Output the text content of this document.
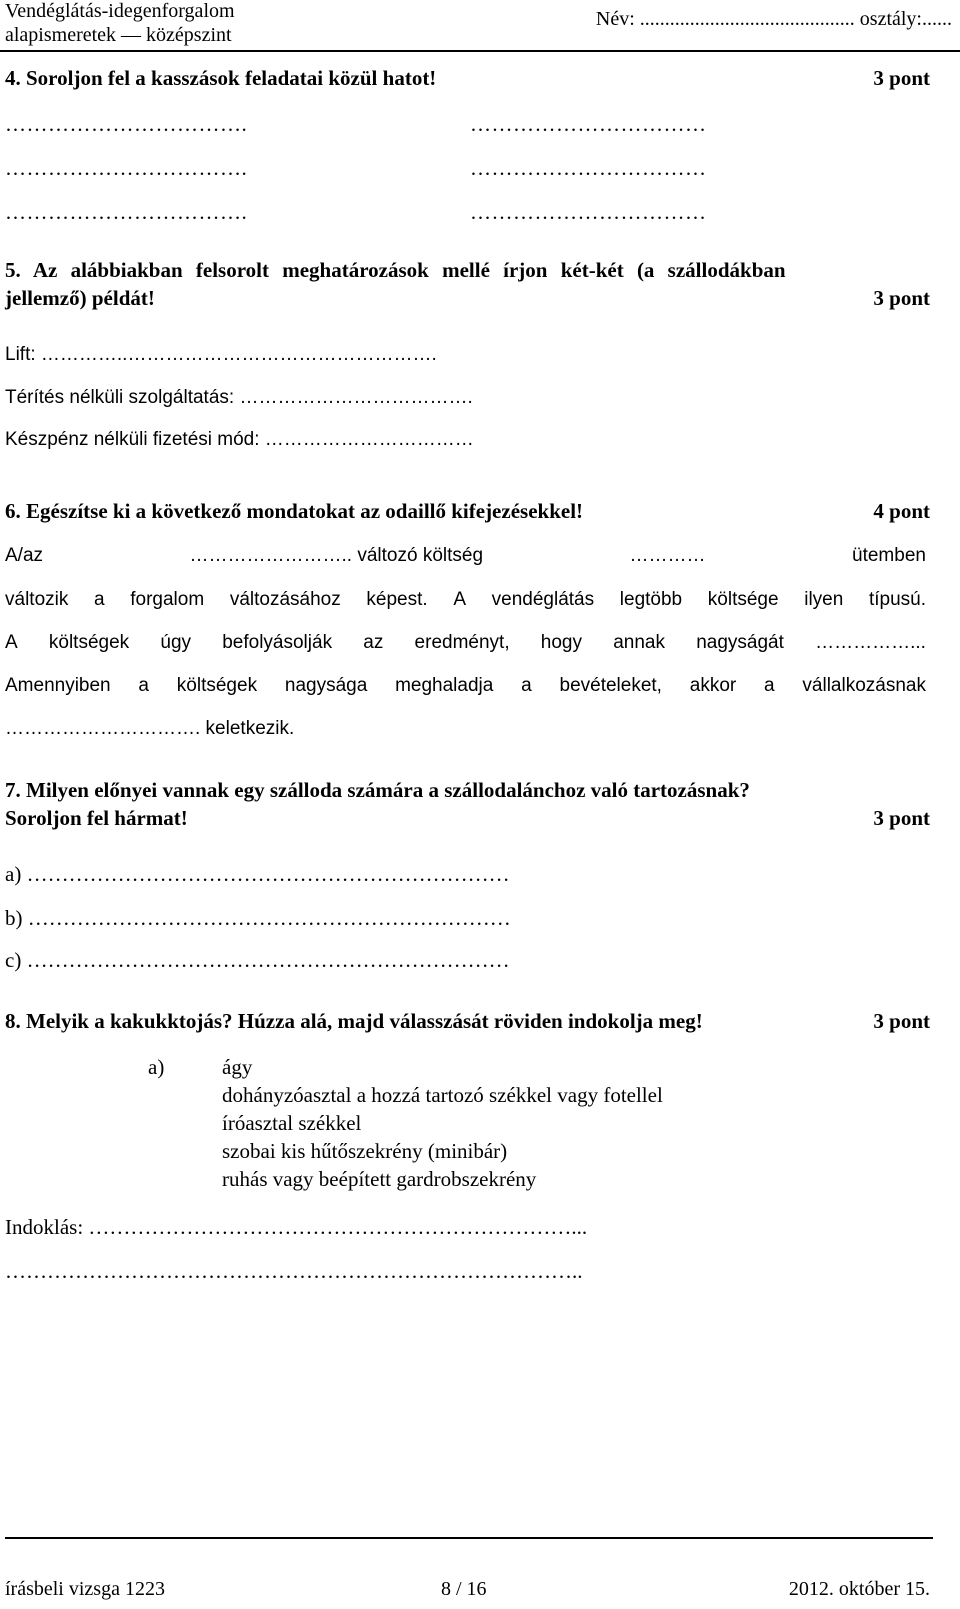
Vendéglátás-idegenforgalom
alapismeretek — középszint
Név: ........................................... osztály:......
4. Soroljon fel a kasszások feladatai közül hatot!	3 pont
…………………………….
…………………………….
…………………………….
……………………………
……………………………
……………………………
5. Az alábbiakban felsorolt meghatározások mellé írjon két-két (a szállodákban
jellemző) példát!	3 pont
Lift: …………..………………………………………….
Térítés nélküli szolgáltatás: ……………………………….
Készpénz nélküli fizetési mód: ……………………………
6. Egészítse ki a következő mondatokat az odaillő kifejezésekkel!	4 pont
A/az	…………………….. változó költség	…………	ütemben
változik a forgalom változásához képest. A vendéglátás legtöbb költsége ilyen típusú.
A költségek úgy befolyásolják az eredményt, hogy annak nagyságát ……………...
Amennyiben a költségek nagysága meghaladja a bevételeket, akkor a vállalkozásnak
…………………………. keletkezik.
7. Milyen előnyei vannak egy szálloda számára a szállodalánchoz való tartozásnak?
Soroljon fel hármat!	3 pont
a) ……………………………………………………………
b) ……………………………………………………………
c) ……………………………………………………………
8. Melyik a kakukktojás? Húzza alá, majd válasszását röviden indokolja meg!	3 pont
a)	ágy
dohányzóasztal a hozzá tartozó székkel vagy fotellel
íróasztal székkel
szobai kis hűtőszekrény (minibár)
ruhás vagy beépített gardrobszekrény
Indoklás: ……………………………………………………………...
………………………………………………………………………..
írásbeli vizsga 1223	8 / 16	2012. október 15.
